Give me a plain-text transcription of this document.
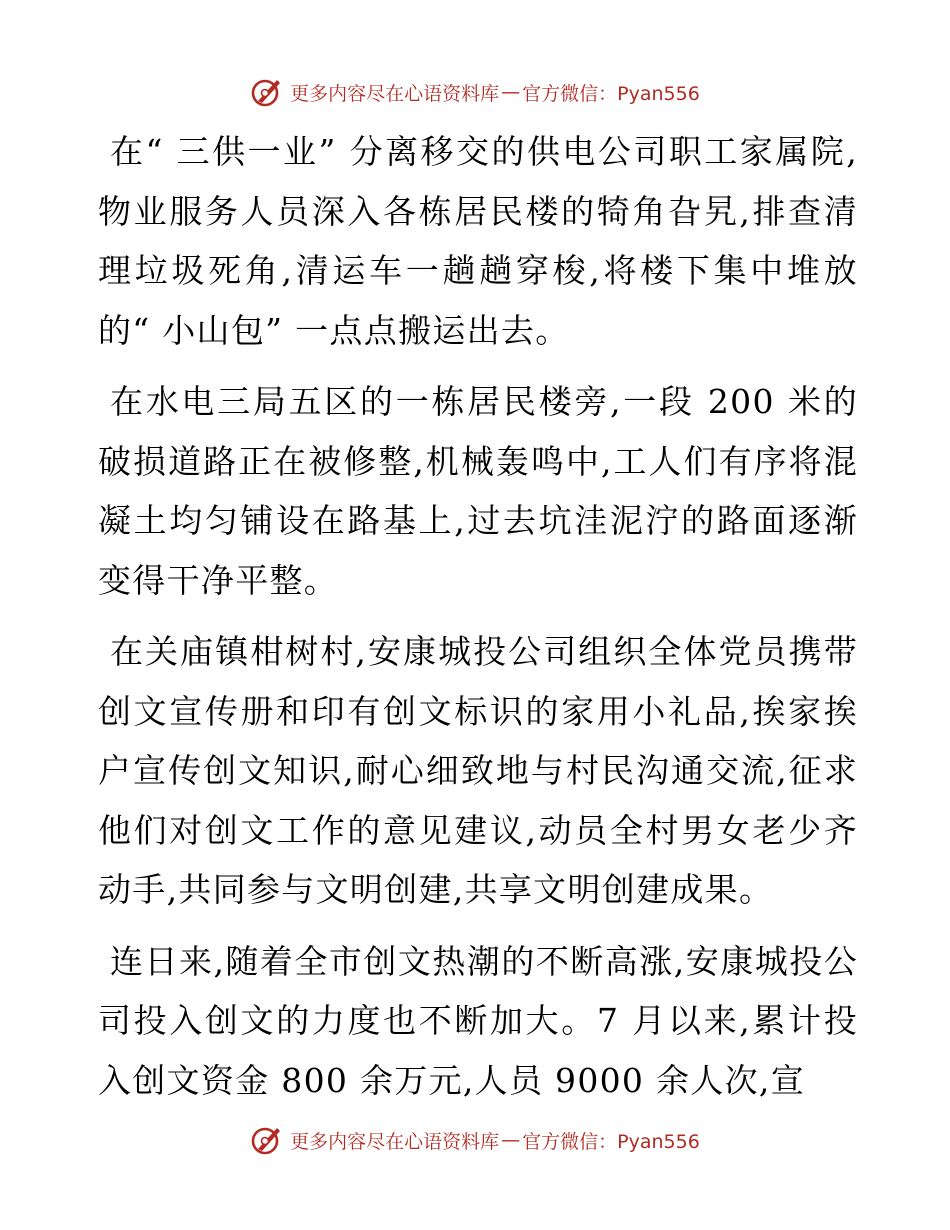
更多内容尽在心语资料库 — 官方微信：Pyan556

在“ 三供一业” 分离移交的供电公司职工家属院,物业服务人员深入各栋居民楼的犄角旮旯,排查清理垃圾死角,清运车一趟趟穿梭,将楼下集中堆放的“ 小山包” 一点点搬运出去。

在水电三局五区的一栋居民楼旁,一段 200 米的破损道路正在被修整,机械轰鸣中,工人们有序将混凝土均匀铺设在路基上,过去坑洼泥泞的路面逐渐变得干净平整。

在关庙镇柑树村,安康城投公司组织全体党员携带创文宣传册和印有创文标识的家用小礼品,挨家挨户宣传创文知识,耐心细致地与村民沟通交流,征求他们对创文工作的意见建议,动员全村男女老少齐动手,共同参与文明创建,共享文明创建成果。

连日来,随着全市创文热潮的不断高涨,安康城投公司投入创文的力度也不断加大。7 月以来,累计投入创文资金 800 余万元,人员 9000 余人次,宣

更多内容尽在心语资料库 — 官方微信：Pyan556
